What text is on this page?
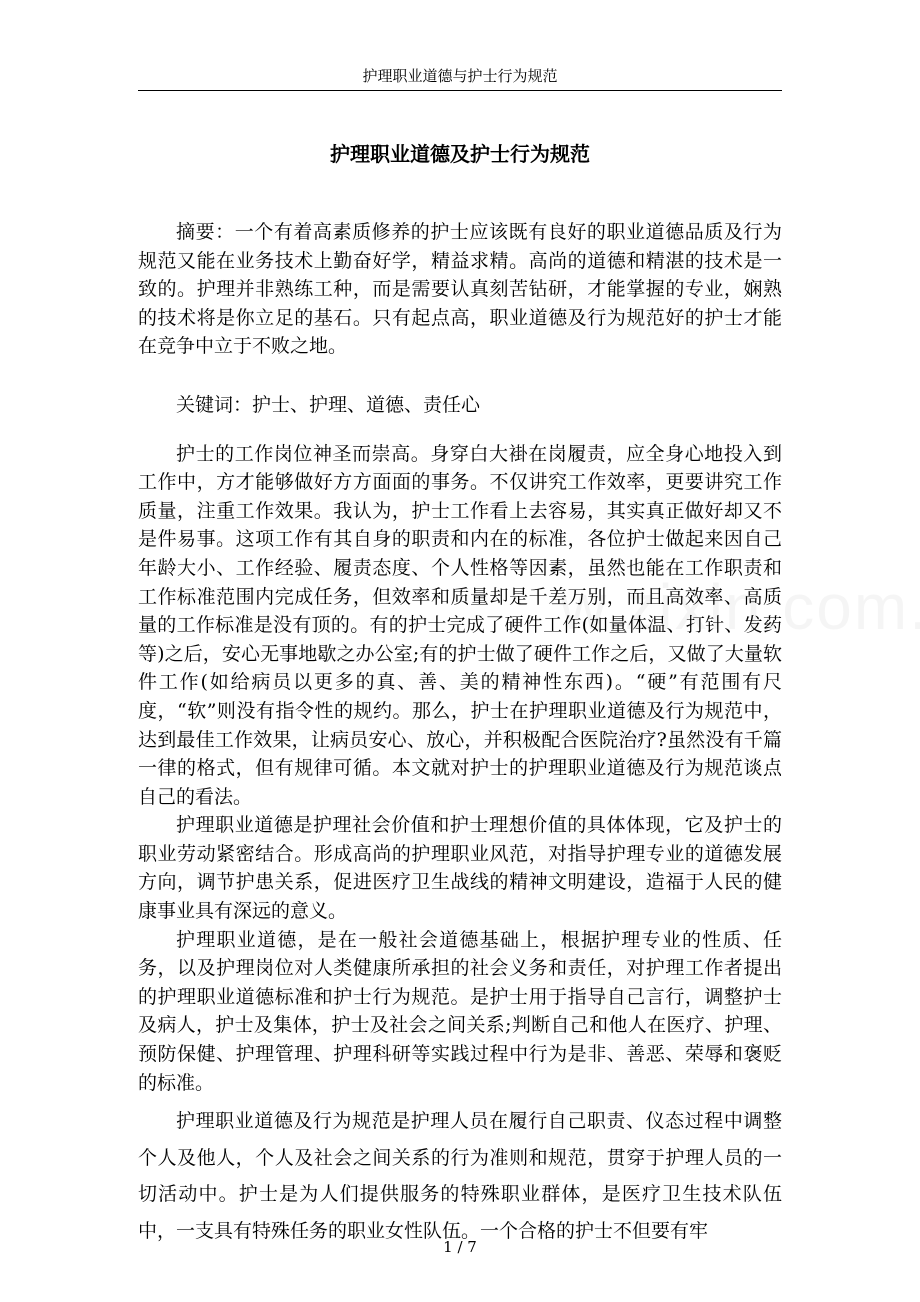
护理职业道德与护士行为规范
护理职业道德及护士行为规范

摘要：一个有着高素质修养的护士应该既有良好的职业道德品质及行为规范又能在业务技术上勤奋好学，精益求精。高尚的道德和精湛的技术是一致的。护理并非熟练工种，而是需要认真刻苦钻研，才能掌握的专业，娴熟的技术将是你立足的基石。只有起点高，职业道德及行为规范好的护士才能在竞争中立于不败之地。

关键词：护士、护理、道德、责任心

护士的工作岗位神圣而崇高。身穿白大褂在岗履责，应全身心地投入到工作中，方才能够做好方方面面的事务。不仅讲究工作效率，更要讲究工作质量，注重工作效果。我认为，护士工作看上去容易，其实真正做好却又不是件易事。这项工作有其自身的职责和内在的标准，各位护士做起来因自己年龄大小、工作经验、履责态度、个人性格等因素，虽然也能在工作职责和工作标准范围内完成任务，但效率和质量却是千差万别，而且高效率、高质量的工作标准是没有顶的。有的护士完成了硬件工作(如量体温、打针、发药等)之后，安心无事地歇之办公室;有的护士做了硬件工作之后，又做了大量软件工作(如给病员以更多的真、善、美的精神性东西)。“硬”有范围有尺度，“软”则没有指令性的规约。那么，护士在护理职业道德及行为规范中，达到最佳工作效果，让病员安心、放心，并积极配合医院治疗?虽然没有千篇一律的格式，但有规律可循。本文就对护士的护理职业道德及行为规范谈点自己的看法。

护理职业道德是护理社会价值和护士理想价值的具体体现，它及护士的职业劳动紧密结合。形成高尚的护理职业风范，对指导护理专业的道德发展方向，调节护患关系，促进医疗卫生战线的精神文明建设，造福于人民的健康事业具有深远的意义。

护理职业道德，是在一般社会道德基础上，根据护理专业的性质、任务，以及护理岗位对人类健康所承担的社会义务和责任，对护理工作者提出的护理职业道德标准和护士行为规范。是护士用于指导自己言行，调整护士及病人，护士及集体，护士及社会之间关系;判断自己和他人在医疗、护理、预防保健、护理管理、护理科研等实践过程中行为是非、善恶、荣辱和褒贬的标准。

护理职业道德及行为规范是护理人员在履行自己职责、仪态过程中调整个人及他人，个人及社会之间关系的行为准则和规范，贯穿于护理人员的一切活动中。护士是为人们提供服务的特殊职业群体，是医疗卫生技术队伍中，一支具有特殊任务的职业女性队伍。一个合格的护士不但要有牢

1 / 7
